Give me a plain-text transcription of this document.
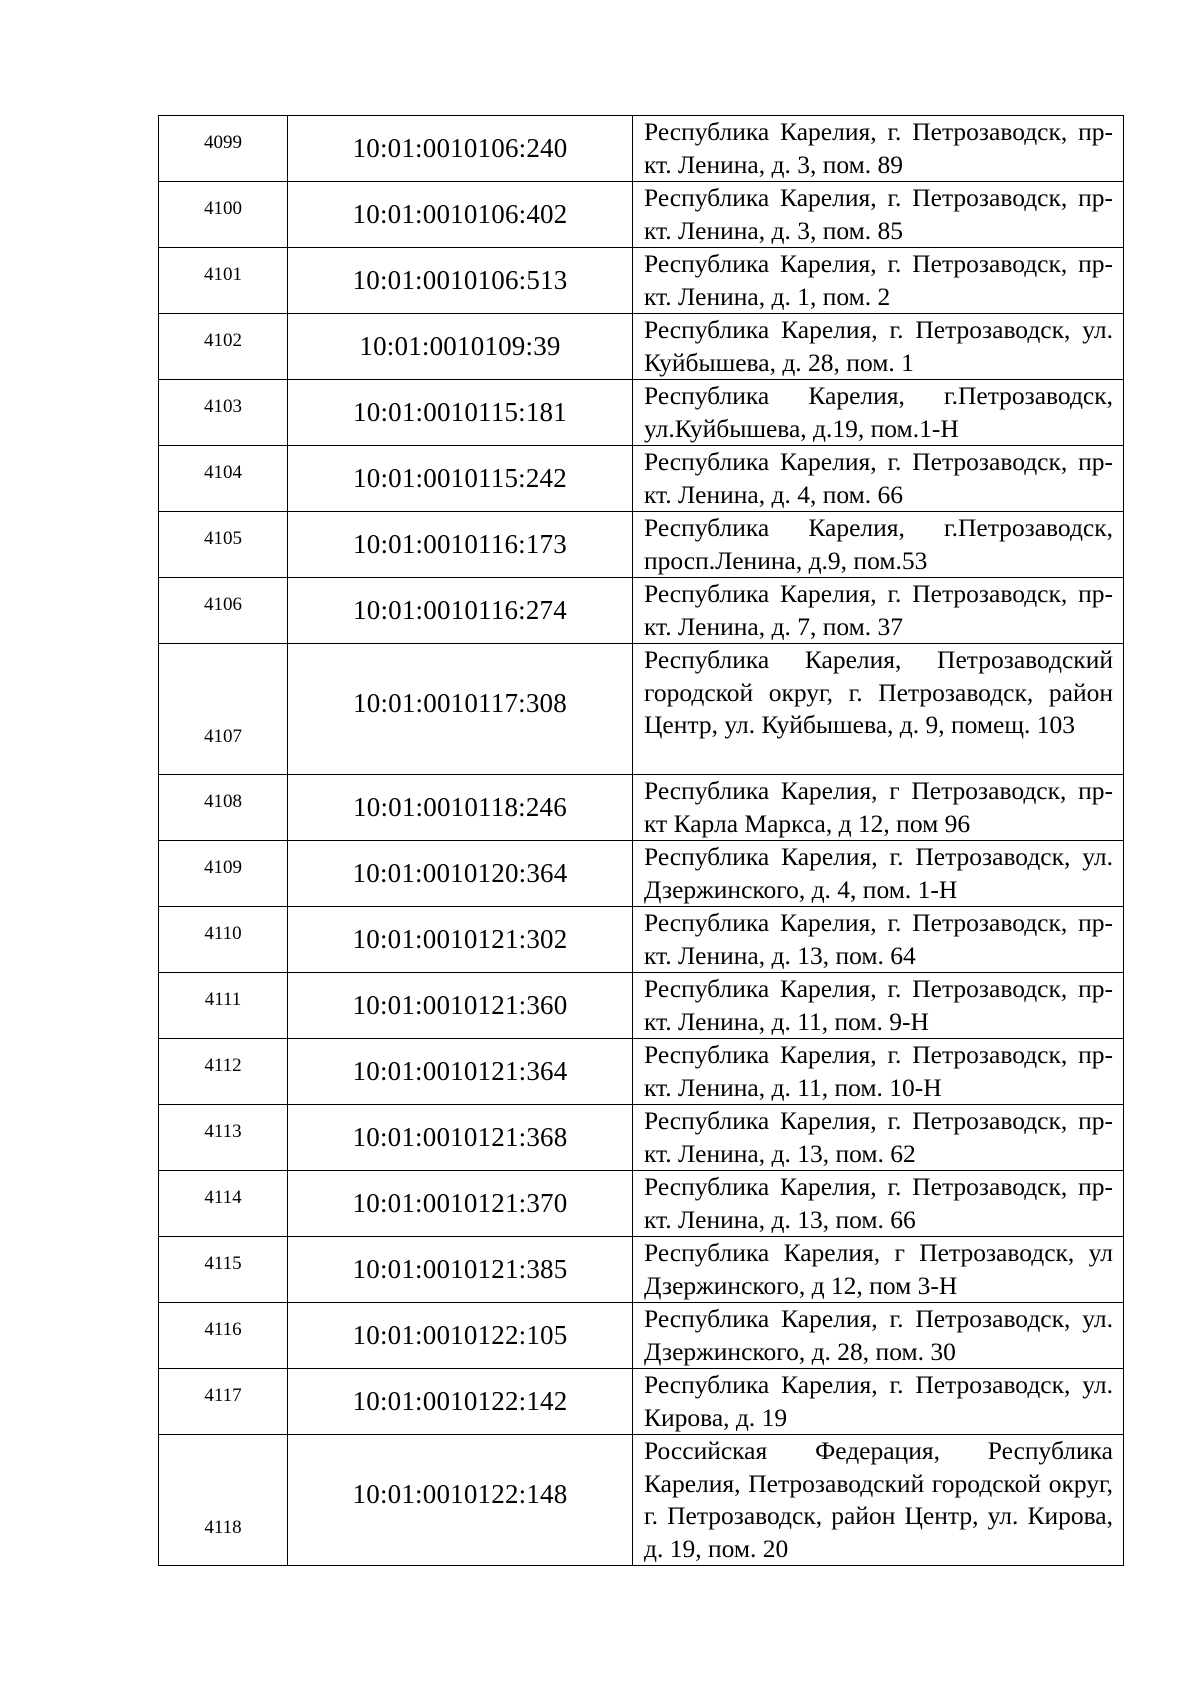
4099	10:01:0010106:240	Республика Карелия, г. Петрозаводск, пр-кт. Ленина, д. 3, пом. 89
4100	10:01:0010106:402	Республика Карелия, г. Петрозаводск, пр-кт. Ленина, д. 3, пом. 85
4101	10:01:0010106:513	Республика Карелия, г. Петрозаводск, пр-кт. Ленина, д. 1, пом. 2
4102	10:01:0010109:39	Республика Карелия, г. Петрозаводск, ул. Куйбышева, д. 28, пом. 1
4103	10:01:0010115:181	Республика Карелия, г.Петрозаводск, ул.Куйбышева, д.19, пом.1-Н
4104	10:01:0010115:242	Республика Карелия, г. Петрозаводск, пр-кт. Ленина, д. 4, пом. 66
4105	10:01:0010116:173	Республика Карелия, г.Петрозаводск, просп.Ленина, д.9, пом.53
4106	10:01:0010116:274	Республика Карелия, г. Петрозаводск, пр-кт. Ленина, д. 7, пом. 37
4107	10:01:0010117:308	Республика Карелия, Петрозаводский городской округ, г. Петрозаводск, район Центр, ул. Куйбышева, д. 9, помещ. 103
4108	10:01:0010118:246	Республика Карелия, г Петрозаводск, пр-кт Карла Маркса, д 12, пом 96
4109	10:01:0010120:364	Республика Карелия, г. Петрозаводск, ул. Дзержинского, д. 4, пом. 1-Н
4110	10:01:0010121:302	Республика Карелия, г. Петрозаводск, пр-кт. Ленина, д. 13, пом. 64
4111	10:01:0010121:360	Республика Карелия, г. Петрозаводск, пр-кт. Ленина, д. 11, пом. 9-Н
4112	10:01:0010121:364	Республика Карелия, г. Петрозаводск, пр-кт. Ленина, д. 11, пом. 10-Н
4113	10:01:0010121:368	Республика Карелия, г. Петрозаводск, пр-кт. Ленина, д. 13, пом. 62
4114	10:01:0010121:370	Республика Карелия, г. Петрозаводск, пр-кт. Ленина, д. 13, пом. 66
4115	10:01:0010121:385	Республика Карелия, г Петрозаводск, ул Дзержинского, д 12, пом 3-Н
4116	10:01:0010122:105	Республика Карелия, г. Петрозаводск, ул. Дзержинского, д. 28, пом. 30
4117	10:01:0010122:142	Республика Карелия, г. Петрозаводск, ул. Кирова, д. 19
4118	10:01:0010122:148	Российская Федерация, Республика Карелия, Петрозаводский городской округ, г. Петрозаводск, район Центр, ул. Кирова, д. 19, пом. 20
